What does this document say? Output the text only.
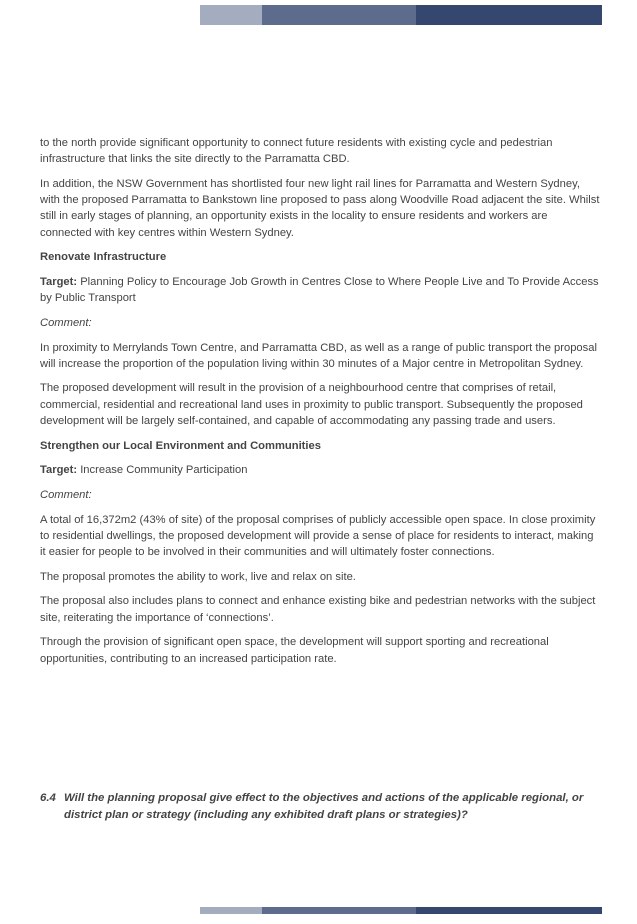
to the north provide significant opportunity to connect future residents with existing cycle and pedestrian infrastructure that links the site directly to the Parramatta CBD.

In addition, the NSW Government has shortlisted four new light rail lines for Parramatta and Western Sydney, with the proposed Parramatta to Bankstown line proposed to pass along Woodville Road adjacent the site. Whilst still in early stages of planning, an opportunity exists in the locality to ensure residents and workers are connected with key centres within Western Sydney.

Renovate Infrastructure

Target: Planning Policy to Encourage Job Growth in Centres Close to Where People Live and To Provide Access by Public Transport

Comment:

In proximity to Merrylands Town Centre, and Parramatta CBD, as well as a range of public transport the proposal will increase the proportion of the population living within 30 minutes of a Major centre in Metropolitan Sydney.

The proposed development will result in the provision of a neighbourhood centre that comprises of retail, commercial, residential and recreational land uses in proximity to public transport. Subsequently the proposed development will be largely self-contained, and capable of accommodating any passing trade and users.

Strengthen our Local Environment and Communities

Target: Increase Community Participation

Comment:

A total of 16,372m2 (43% of site) of the proposal comprises of publicly accessible open space. In close proximity to residential dwellings, the proposed development will provide a sense of place for residents to interact, making it easier for people to be involved in their communities and will ultimately foster connections.

The proposal promotes the ability to work, live and relax on site.

The proposal also includes plans to connect and enhance existing bike and pedestrian networks with the subject site, reiterating the importance of ‘connections’.

Through the provision of significant open space, the development will support sporting and recreational opportunities, contributing to an increased participation rate.

6.4 Will the planning proposal give effect to the objectives and actions of the applicable regional, or district plan or strategy (including any exhibited draft plans or strategies)?
